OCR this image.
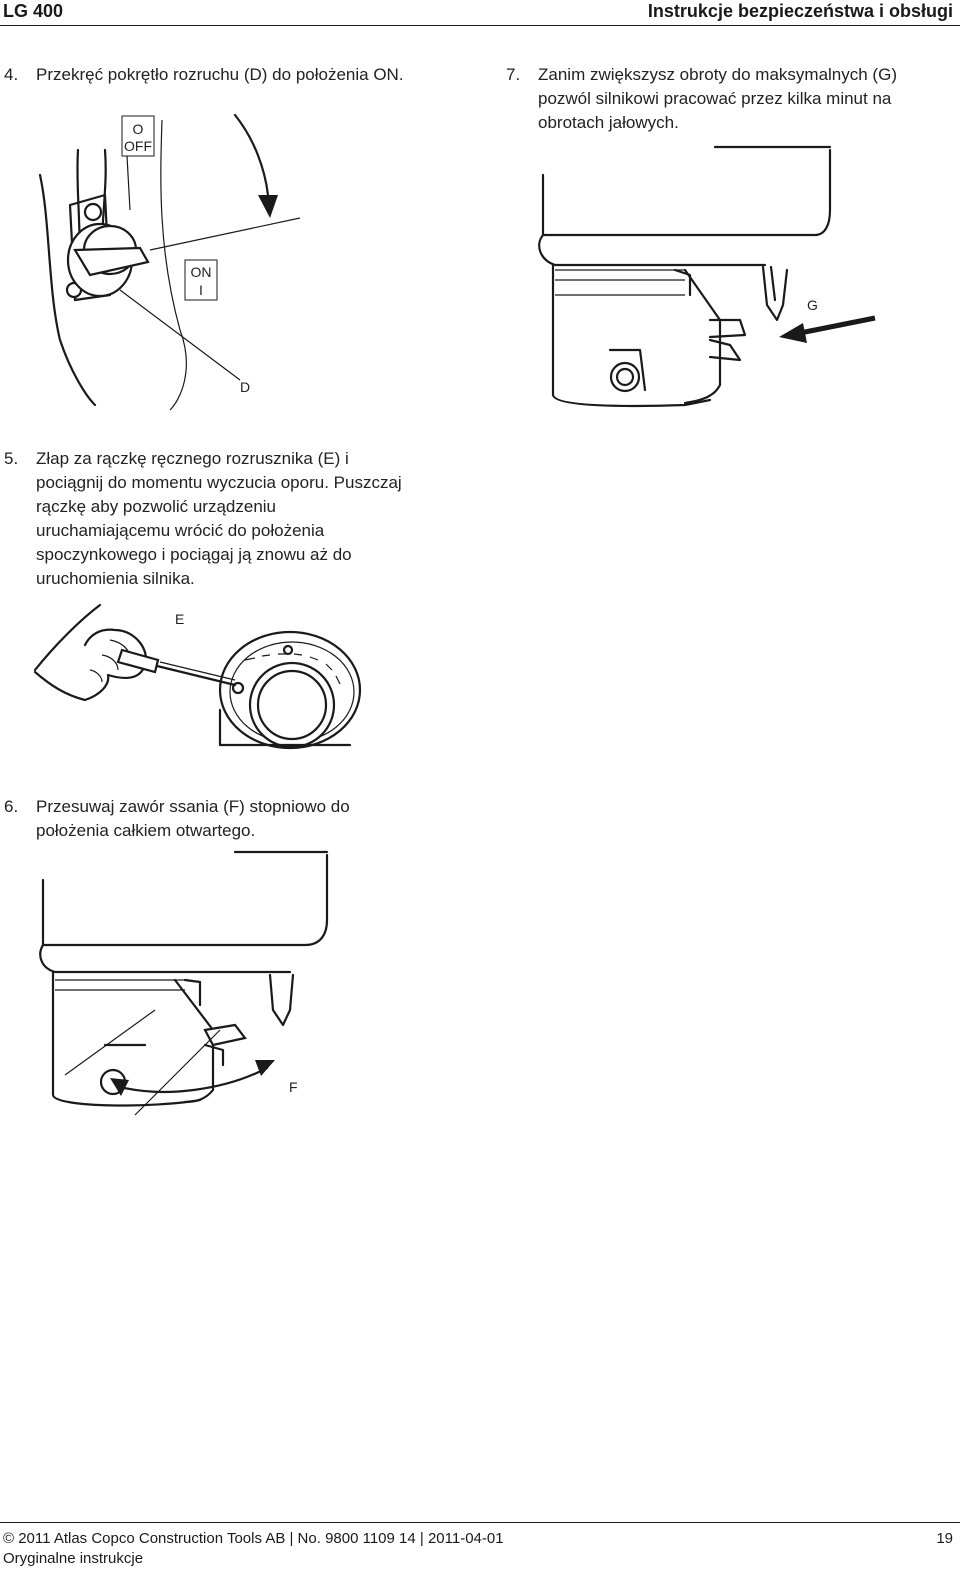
LG 400	Instrukcje bezpieczeństwa i obsługi
4. Przekręć pokrętło rozruchu (D) do położenia ON.	7. Zanim zwiększysz obroty do maksymalnych (G)
pozwól silnikowi pracować przez kilka minut na
obrotach jałowych.
O
OFF
ON
I
D
G
5. Złap za rączkę ręcznego rozrusznika (E) i
pociągnij do momentu wyczucia oporu. Puszczaj
rączkę aby pozwolić urządzeniu
uruchamiającemu wrócić do położenia
spoczynkowego i pociągaj ją znowu aż do
uruchomienia silnika.
E
6. Przesuwaj zawór ssania (F) stopniowo do
położenia całkiem otwartego.
F
© 2011 Atlas Copco Construction Tools AB | No. 9800 1109 14 | 2011-04-01
Oryginalne instrukcje
19
